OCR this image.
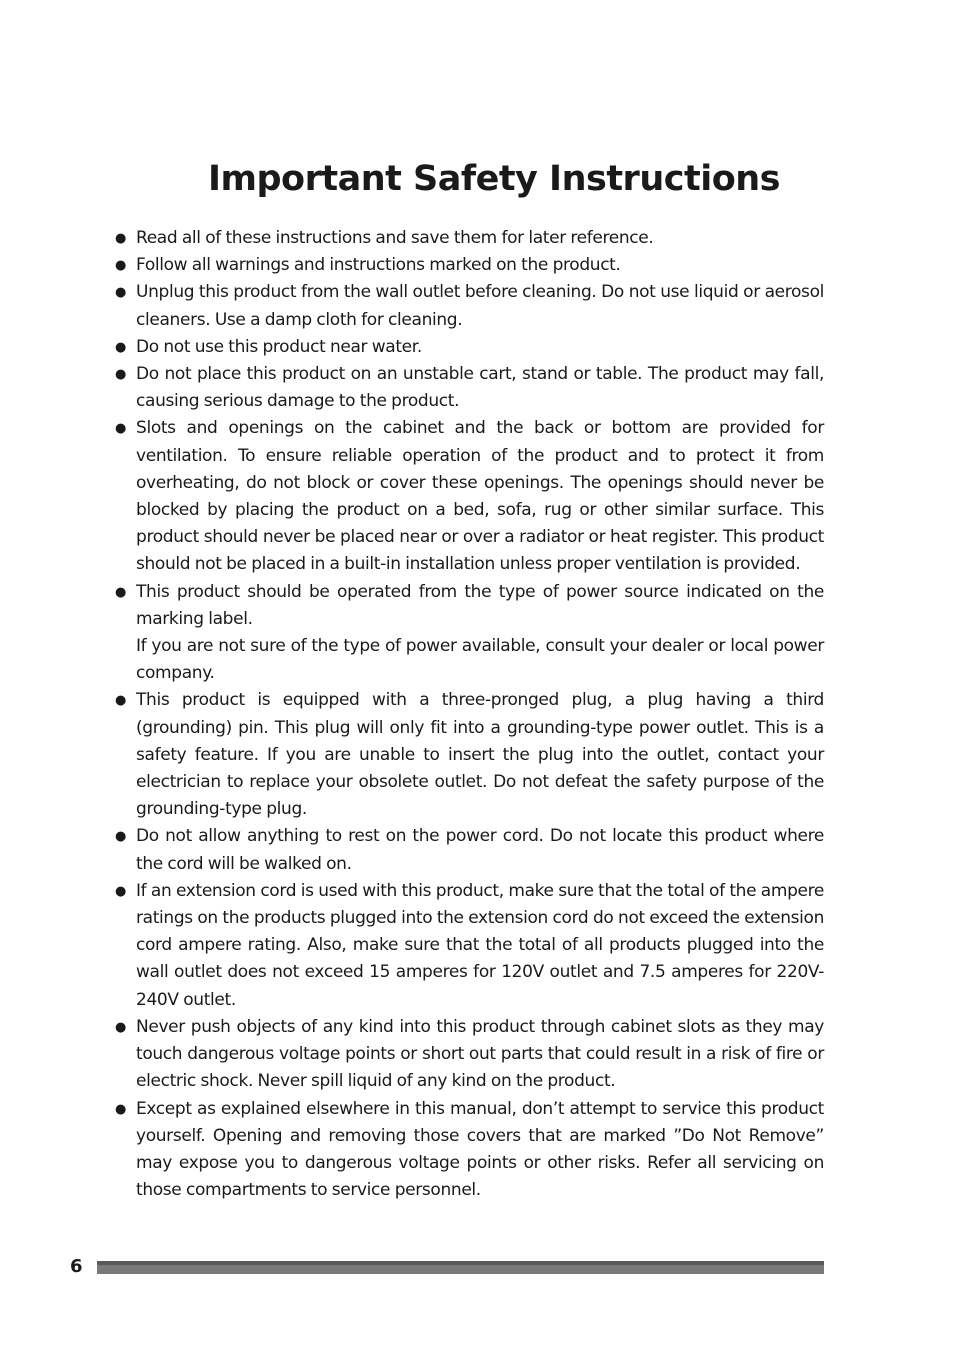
Important Safety Instructions
● Read all of these instructions and save them for later reference.
● Follow all warnings and instructions marked on the product.
● Unplug this product from the wall outlet before cleaning. Do not use liquid or aerosol cleaners. Use a damp cloth for cleaning.
● Do not use this product near water.
● Do not place this product on an unstable cart, stand or table. The product may fall, causing serious damage to the product.
● Slots and openings on the cabinet and the back or bottom are provided for ventilation. To ensure reliable operation of the product and to protect it from overheating, do not block or cover these openings. The openings should never be blocked by placing the product on a bed, sofa, rug or other similar surface. This product should never be placed near or over a radiator or heat register. This product should not be placed in a built-in installation unless proper ventilation is provided.
● This product should be operated from the type of power source indicated on the marking label.
If you are not sure of the type of power available, consult your dealer or local power company.
● This product is equipped with a three-pronged plug, a plug having a third (grounding) pin. This plug will only fit into a grounding-type power outlet. This is a safety feature. If you are unable to insert the plug into the outlet, contact your electrician to replace your obsolete outlet. Do not defeat the safety purpose of the grounding-type plug.
● Do not allow anything to rest on the power cord. Do not locate this product where the cord will be walked on.
● If an extension cord is used with this product, make sure that the total of the ampere ratings on the products plugged into the extension cord do not exceed the extension cord ampere rating. Also, make sure that the total of all products plugged into the wall outlet does not exceed 15 amperes for 120V outlet and 7.5 amperes for 220V-240V outlet.
● Never push objects of any kind into this product through cabinet slots as they may touch dangerous voltage points or short out parts that could result in a risk of fire or electric shock. Never spill liquid of any kind on the product.
● Except as explained elsewhere in this manual, don’t attempt to service this product yourself. Opening and removing those covers that are marked ”Do Not Remove” may expose you to dangerous voltage points or other risks. Refer all servicing on those compartments to service personnel.
6
